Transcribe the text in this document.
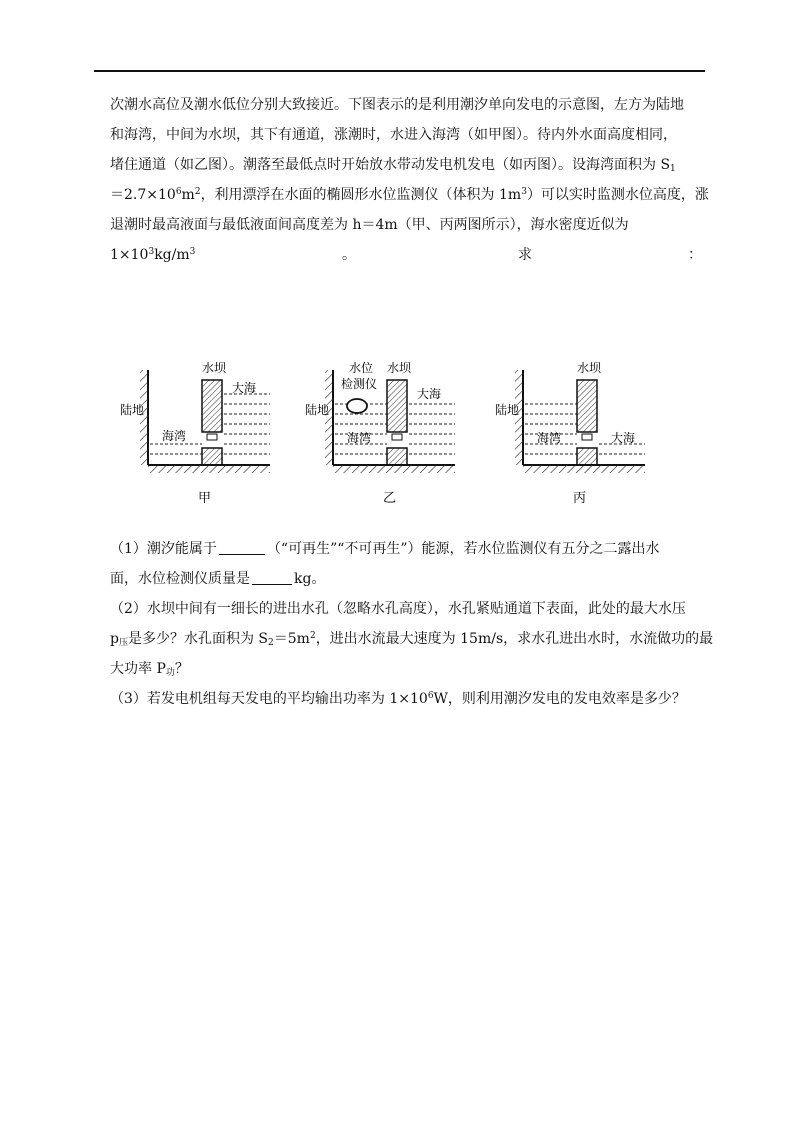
次潮水高位及潮水低位分别大致接近。下图表示的是利用潮汐单向发电的示意图，左方为陆地
和海湾，中间为水坝，其下有通道，涨潮时，水进入海湾（如甲图）。待内外水面高度相同，
堵住通道（如乙图）。潮落至最低点时开始放水带动发电机发电（如丙图）。设海湾面积为 $S_1$
$=2.7\times 10^6m^2$，利用漂浮在水面的椭圆形水位监测仪（体积为 $1m^3$）可以实时监测水位高度，涨
退潮时最高液面与最低液面间高度差为 h＝4m（甲、丙两图所示），海水密度近似为
$1\times 10^3kg/m^3$	。	求	：
水坝
大海
陆地
海湾
甲
水位
检测仪
水坝
大海
陆地
海湾
乙
水坝
陆地
海湾	大海
丙
（1）潮汐能属于	（“可再生”“不可再生”）能源，若水位监测仪有五分之二露出水
面，水位检测仪质量是	kg。
（2）水坝中间有一细长的进出水孔（忽略水孔高度），水孔紧贴通道下表面，此处的最大水压
$p_压$是多少？水孔面积为 $S_2=5m^2$，进出水流最大速度为 15m/s，求水孔进出水时，水流做功的最
大功率 $P_功$？
（3）若发电机组每天发电的平均输出功率为 $1\times 10^6W$，则利用潮汐发电的发电效率是多少？
